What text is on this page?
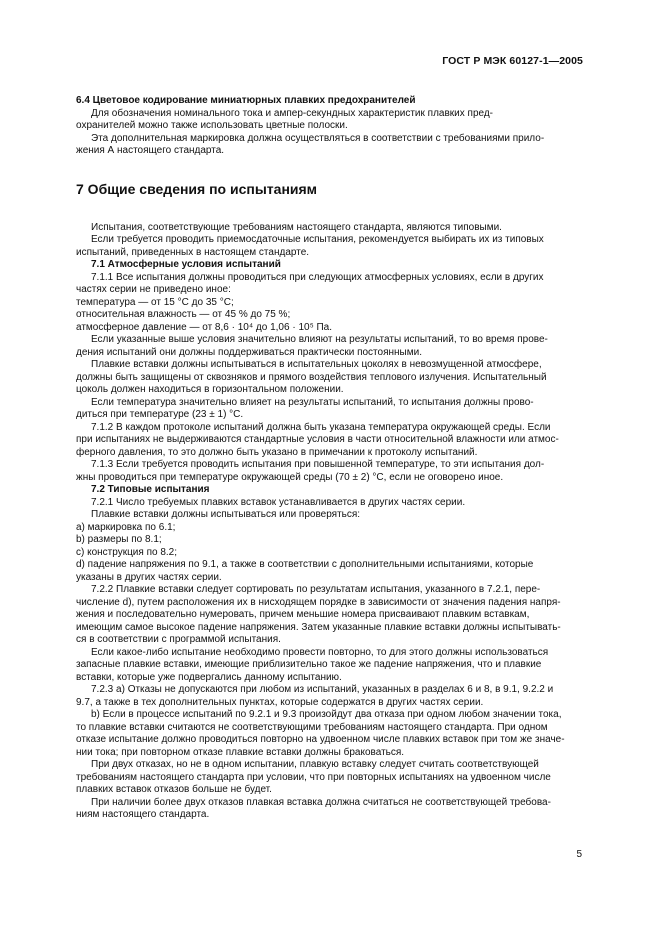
ГОСТ Р МЭК 60127-1—2005

6.4 Цветовое кодирование миниатюрных плавких предохранителей

Для обозначения номинального тока и ампер-секундных характеристик плавких пред-

охранителей можно также использовать цветные полоски.

Эта дополнительная маркировка должна осуществляться в соответствии с требованиями прило-

жения А настоящего стандарта.

7 Общие сведения по испытаниям

Испытания, соответствующие требованиям настоящего стандарта, являются типовыми.

Если требуется проводить приемосдаточные испытания, рекомендуется выбирать их из типовых

испытаний, приведенных в настоящем стандарте.

7.1 Атмосферные условия испытаний

7.1.1 Все испытания должны проводиться при следующих атмосферных условиях, если в других

частях серии не приведено иное:

температура — от 15 °С до 35 °С;

относительная влажность — от 45 % до 75 %;

атмосферное давление — от 8,6 · 10⁴ до 1,06 · 10⁵ Па.

Если указанные выше условия значительно влияют на результаты испытаний, то во время прове-

дения испытаний они должны поддерживаться практически постоянными.

Плавкие вставки должны испытываться в испытательных цоколях в невозмущенной атмосфере,

должны быть защищены от сквозняков и прямого воздействия теплового излучения. Испытательный

цоколь должен находиться в горизонтальном положении.

Если температура значительно влияет на результаты испытаний, то испытания должны прово-

диться при температуре (23 ± 1) °С.

7.1.2 В каждом протоколе испытаний должна быть указана температура окружающей среды. Если

при испытаниях не выдерживаются стандартные условия в части относительной влажности или атмос-

ферного давления, то это должно быть указано в примечании к протоколу испытаний.

7.1.3 Если требуется проводить испытания при повышенной температуре, то эти испытания дол-

жны проводиться при температуре окружающей среды (70 ± 2) °С, если не оговорено иное.

7.2 Типовые испытания

7.2.1 Число требуемых плавких вставок устанавливается в других частях серии.

Плавкие вставки должны испытываться или проверяться:

a) маркировка по 6.1;

b) размеры по 8.1;

c) конструкция по 8.2;

d) падение напряжения по 9.1, а также в соответствии с дополнительными испытаниями, которые

указаны в других частях серии.

7.2.2 Плавкие вставки следует сортировать по результатам испытания, указанного в 7.2.1, пере-

числение d), путем расположения их в нисходящем порядке в зависимости от значения падения напря-

жения и последовательно нумеровать, причем меньшие номера присваивают плавким вставкам,

имеющим самое высокое падение напряжения. Затем указанные плавкие вставки должны испытывать-

ся в соответствии с программой испытания.

Если какое-либо испытание необходимо провести повторно, то для этого должны использоваться

запасные плавкие вставки, имеющие приблизительно такое же падение напряжения, что и плавкие

вставки, которые уже подвергались данному испытанию.

7.2.3 а) Отказы не допускаются при любом из испытаний, указанных в разделах 6 и 8, в 9.1, 9.2.2 и

9.7, а также в тех дополнительных пунктах, которые содержатся в других частях серии.

b) Если в процессе испытаний по 9.2.1 и 9.3 произойдут два отказа при одном любом значении тока,

то плавкие вставки считаются не соответствующими требованиям настоящего стандарта. При одном

отказе испытание должно проводиться повторно на удвоенном числе плавких вставок при том же значе-

нии тока; при повторном отказе плавкие вставки должны браковаться.

При двух отказах, но не в одном испытании, плавкую вставку следует считать соответствующей

требованиям настоящего стандарта при условии, что при повторных испытаниях на удвоенном числе

плавких вставок отказов больше не будет.

При наличии более двух отказов плавкая вставка должна считаться не соответствующей требова-

ниям настоящего стандарта.

5
